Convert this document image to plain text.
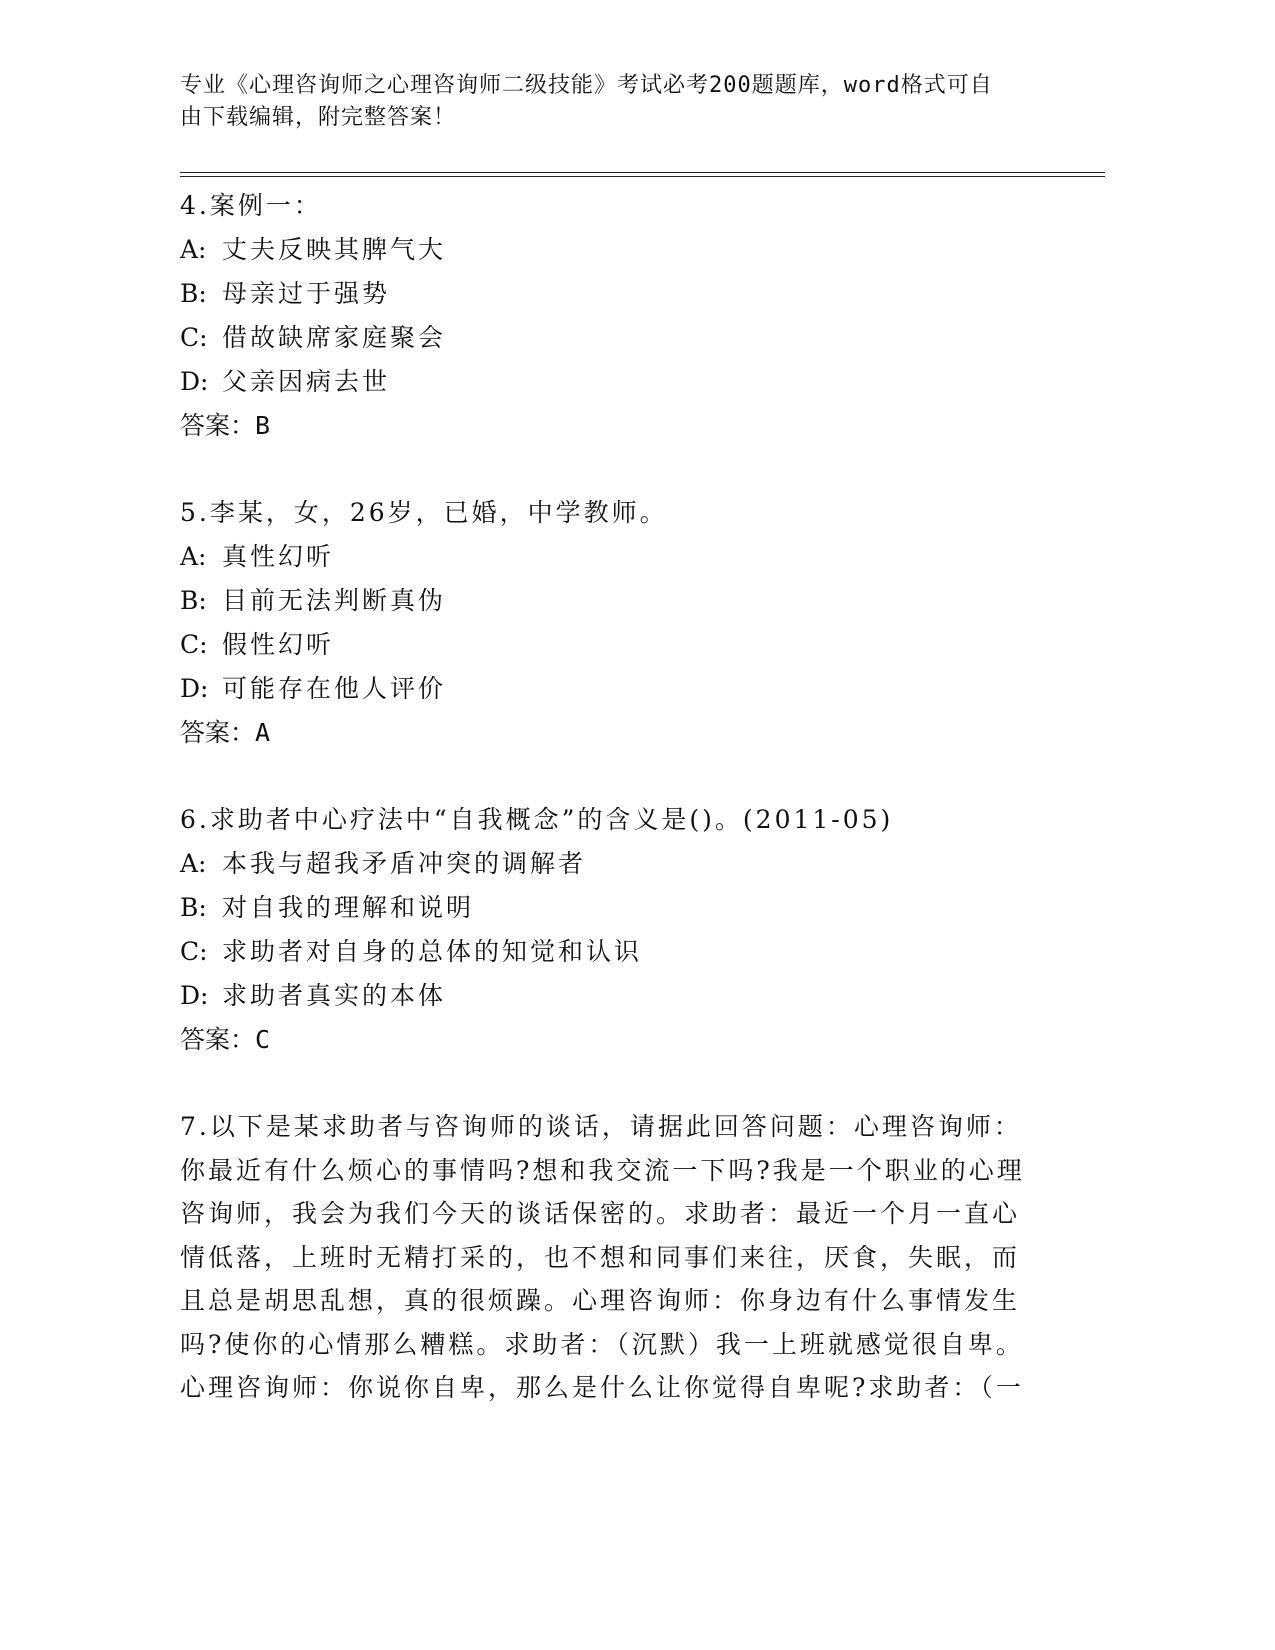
专业《心理咨询师之心理咨询师二级技能》考试必考200题题库，word格式可自
由下载编辑，附完整答案！
4.案例一：
A: 丈夫反映其脾气大
B: 母亲过于强势
C: 借故缺席家庭聚会
D: 父亲因病去世
答案：B
5.李某，女，26岁，已婚，中学教师。
A: 真性幻听
B: 目前无法判断真伪
C: 假性幻听
D: 可能存在他人评价
答案：A
6.求助者中心疗法中“自我概念”的含义是()。(2011-05)
A: 本我与超我矛盾冲突的调解者
B: 对自我的理解和说明
C: 求助者对自身的总体的知觉和认识
D: 求助者真实的本体
答案：C
7.以下是某求助者与咨询师的谈话，请据此回答问题：心理咨询师：
你最近有什么烦心的事情吗?想和我交流一下吗?我是一个职业的心理
咨询师，我会为我们今天的谈话保密的。求助者：最近一个月一直心
情低落，上班时无精打采的，也不想和同事们来往，厌食，失眠，而
且总是胡思乱想，真的很烦躁。心理咨询师：你身边有什么事情发生
吗?使你的心情那么糟糕。求助者：（沉默）我一上班就感觉很自卑。
心理咨询师：你说你自卑，那么是什么让你觉得自卑呢?求助者：（一
